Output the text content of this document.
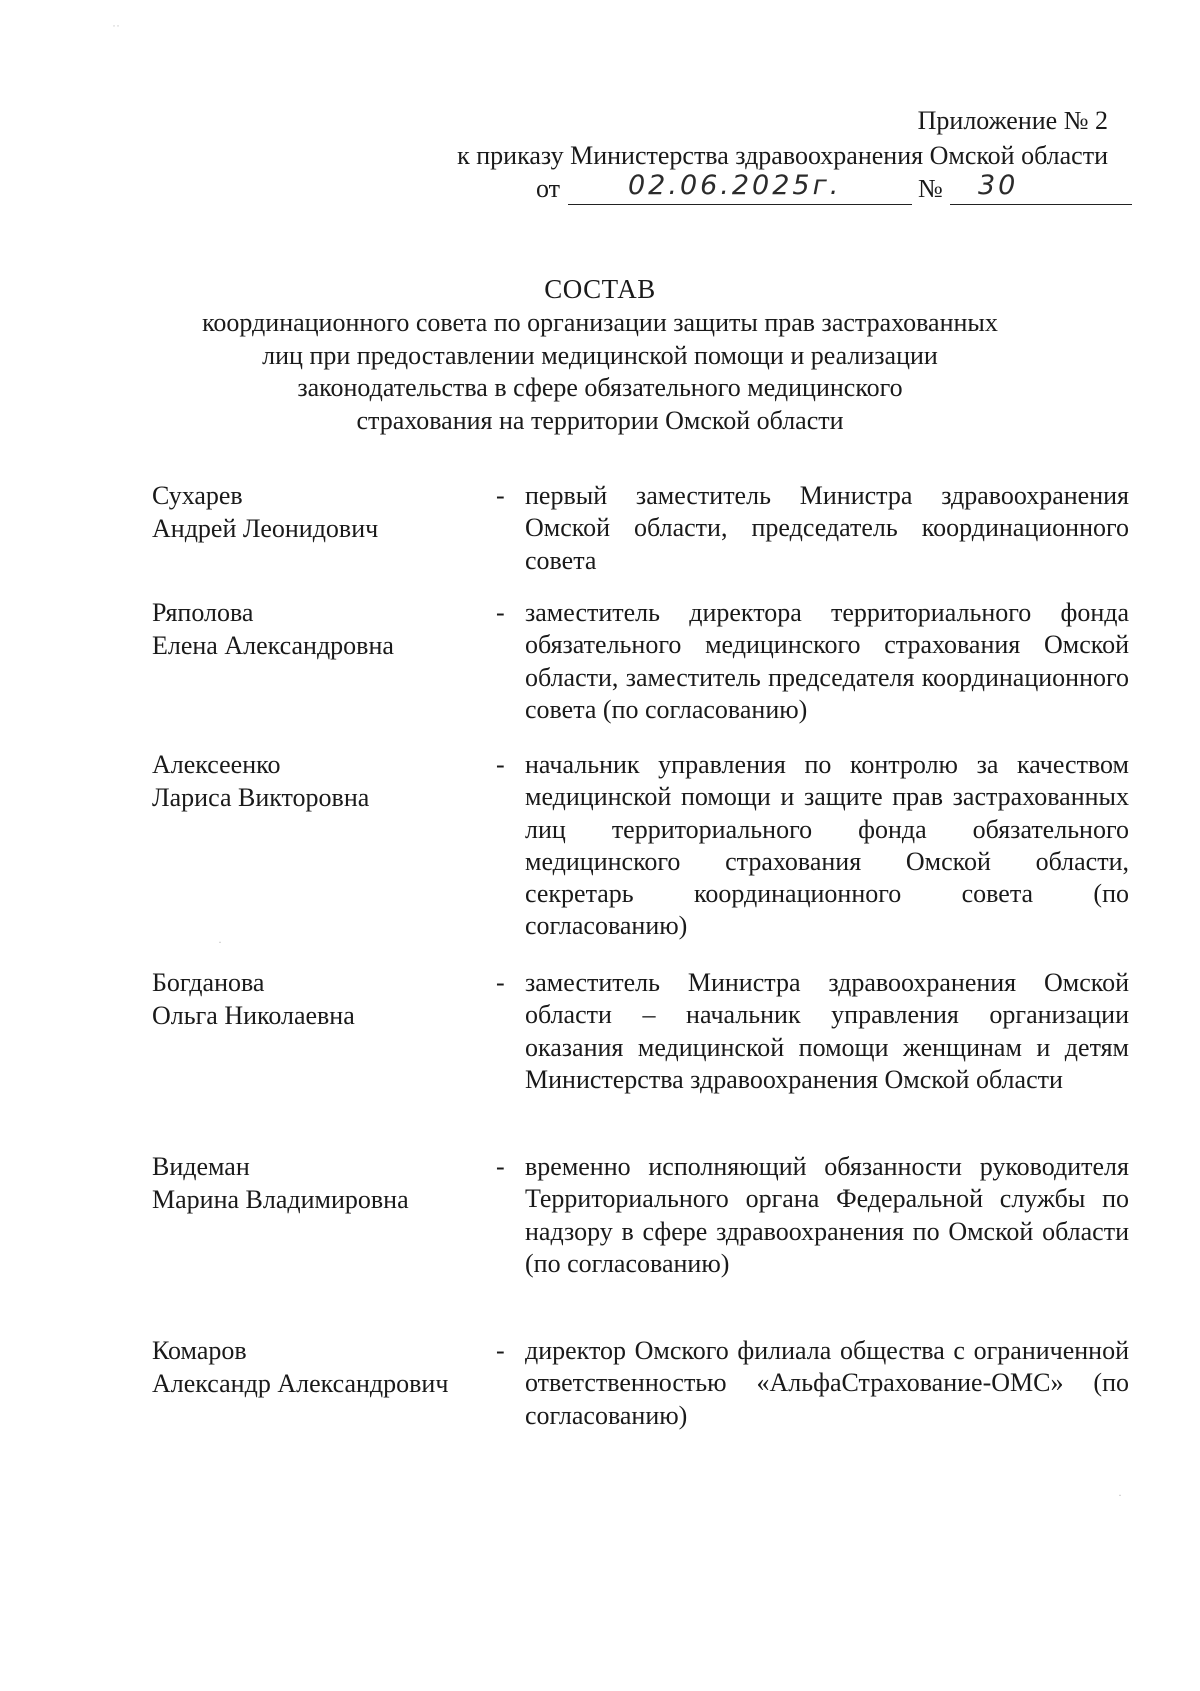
Приложение № 2
к приказу Министерства здравоохранения Омской области
от	02.06.2025г.	№ 30
СОСТАВ
координационного совета по организации защиты прав застрахованных
лиц при предоставлении медицинской помощи и реализации
законодательства в сфере обязательного медицинского
страхования на территории Омской области
Сухарев
Андрей Леонидович
- первый заместитель Министра здравоохранения Омской области, председатель координационного совета
Ряполова
Елена Александровна
- заместитель директора территориального фонда обязательного медицинского страхования Омской области, заместитель председателя координационного совета (по согласованию)
Алексеенко
Лариса Викторовна
- начальник управления по контролю за качеством медицинской помощи и защите прав застрахованных лиц территориального фонда обязательного медицинского страхования Омской области, секретарь координационного совета (по согласованию)
Богданова
Ольга Николаевна
- заместитель Министра здравоохранения Омской области – начальник управления организации оказания медицинской помощи женщинам и детям Министерства здравоохранения Омской области
Видеман
Марина Владимировна
- временно исполняющий обязанности руководителя Территориального органа Федеральной службы по надзору в сфере здравоохранения по Омской области (по согласованию)
Комаров
Александр Александрович
- директор Омского филиала общества с ограниченной ответственностью «АльфаСтрахование-ОМС» (по согласованию)
˙˙
·
·
